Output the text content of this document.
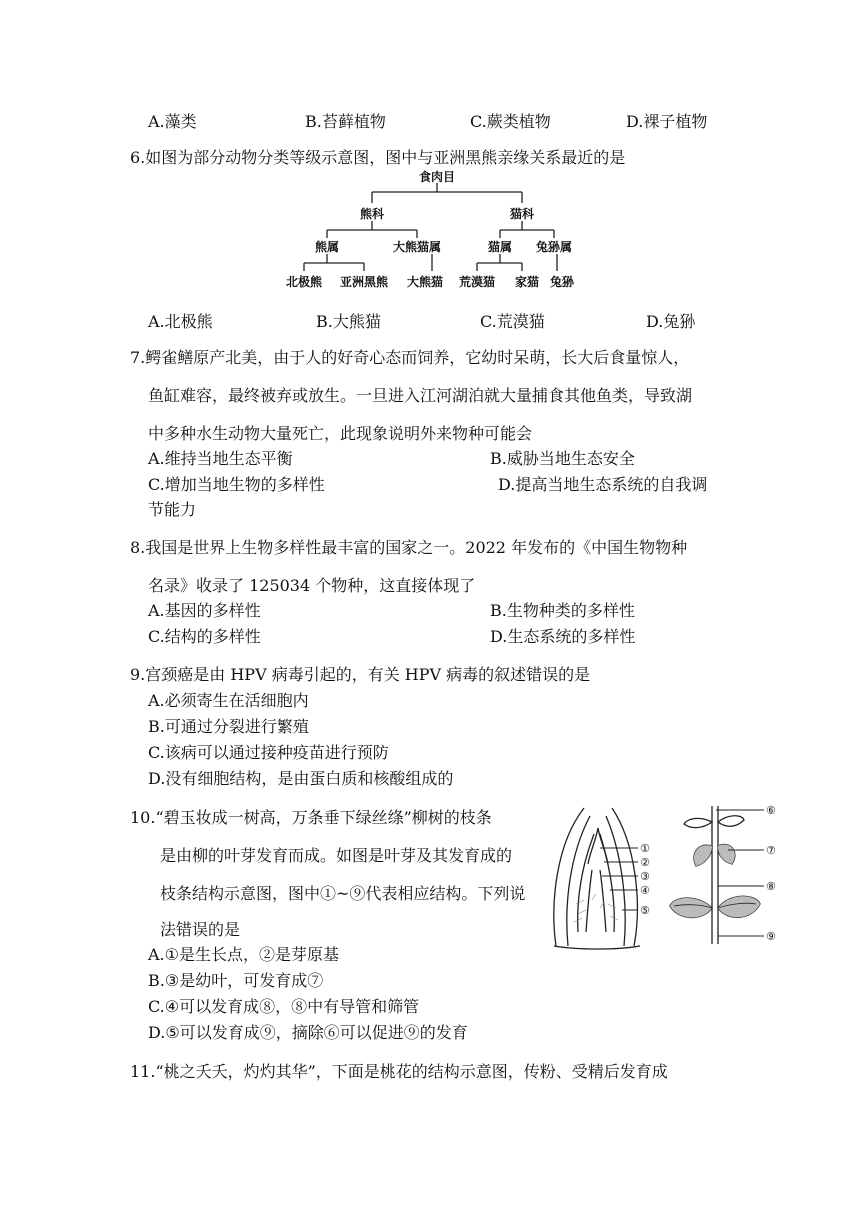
A.藻类	B.苔藓植物	C.蕨类植物	D.裸子植物
6.如图为部分动物分类等级示意图，图中与亚洲黑熊亲缘关系最近的是
食肉目
熊科	猫科
熊属	大熊猫属	猫属 兔狲属
北极熊 亚洲黑熊 大熊猫 荒漠猫 家猫 兔狲
A.北极熊	B.大熊猫	C.荒漠猫	D.兔狲
7.鳄雀鳝原产北美，由于人的好奇心态而饲养，它幼时呆萌，长大后食量惊人，
鱼缸难容，最终被弃或放生。一旦进入江河湖泊就大量捕食其他鱼类，导致湖
中多种水生动物大量死亡，此现象说明外来物种可能会
A.维持当地生态平衡	B.威胁当地生态安全
C.增加当地生物的多样性	D.提高当地生态系统的自我调
节能力
8.我国是世界上生物多样性最丰富的国家之一。2022 年发布的《中国生物物种
名录》收录了 125034 个物种，这直接体现了
A.基因的多样性	B.生物种类的多样性
C.结构的多样性	D.生态系统的多样性
9.宫颈癌是由 HPV 病毒引起的，有关 HPV 病毒的叙述错误的是
A.必须寄生在活细胞内
B.可通过分裂进行繁殖
C.该病可以通过接种疫苗进行预防
D.没有细胞结构，是由蛋白质和核酸组成的
10.“碧玉妆成一树高，万条垂下绿丝绦”柳树的枝条
是由柳的叶芽发育而成。如图是叶芽及其发育成的
枝条结构示意图，图中①~⑨代表相应结构。下列说
法错误的是
①
②
③
④
⑤
⑥
⑦
⑧
⑨
A.①是生长点，②是芽原基
B.③是幼叶，可发育成⑦
C.④可以发育成⑧，⑧中有导管和筛管
D.⑤可以发育成⑨，摘除⑥可以促进⑨的发育
11.“桃之夭夭，灼灼其华”，下面是桃花的结构示意图，传粉、受精后发育成
